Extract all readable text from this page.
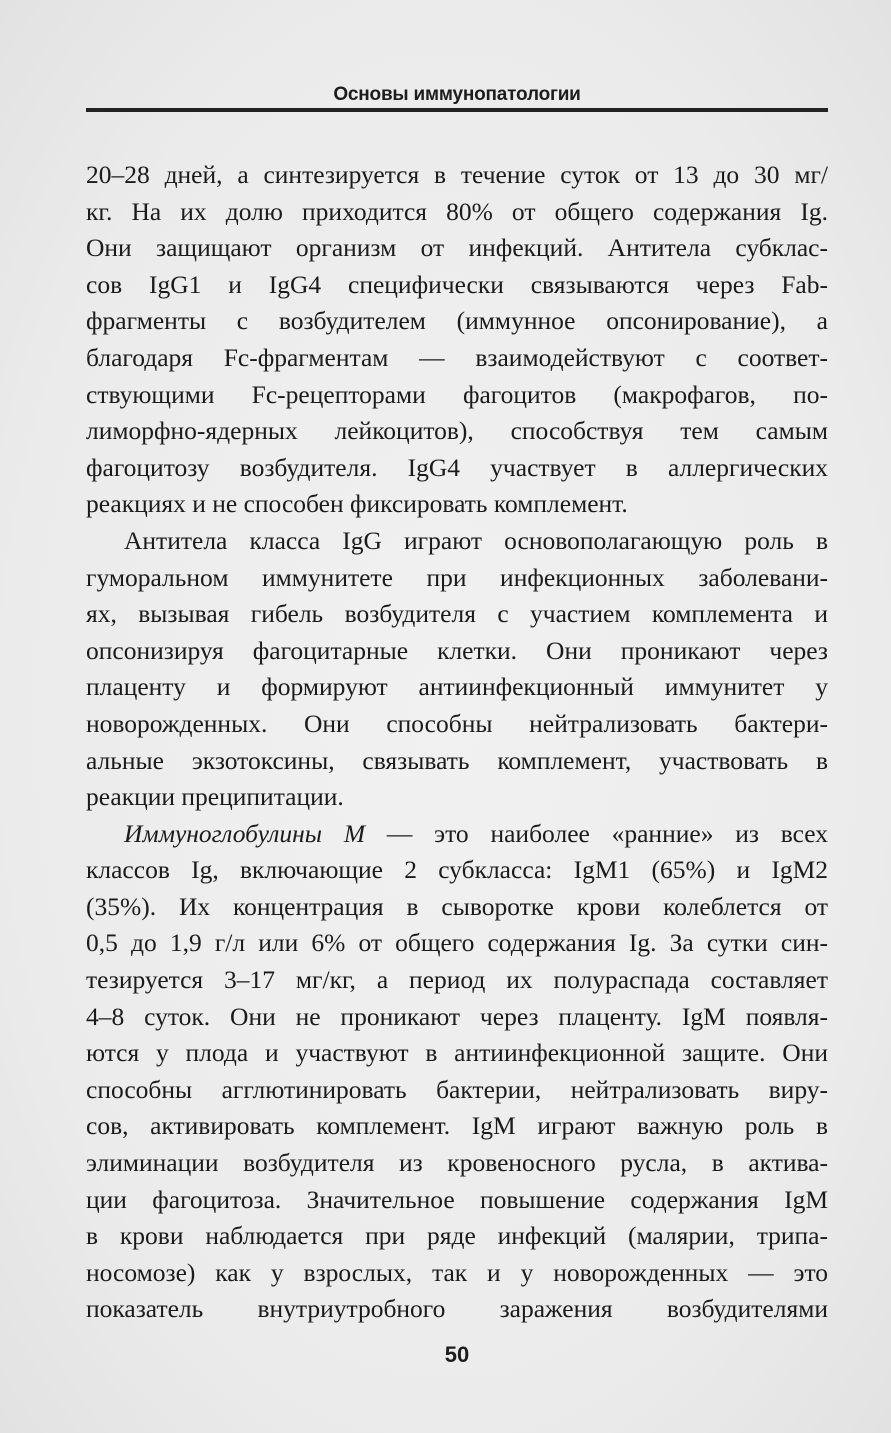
Основы иммунопатологии
20–28 дней, а синтезируется в течение суток от 13 до 30 мг/
кг. На их долю приходится 80% от общего содержания Ig.
Они защищают организм от инфекций. Антитела субклас-
сов IgG1 и IgG4 специфически связываются через Fab-
фрагменты с возбудителем (иммунное опсонирование), а
благодаря Fc-фрагментам — взаимодействуют с соответ-
ствующими Fc-рецепторами фагоцитов (макрофагов, по-
лиморфно-ядерных лейкоцитов), способствуя тем самым
фагоцитозу возбудителя. IgG4 участвует в аллергических
реакциях и не способен фиксировать комплемент.
Антитела класса IgG играют основополагающую роль в
гуморальном иммунитете при инфекционных заболевани-
ях, вызывая гибель возбудителя с участием комплемента и
опсонизируя фагоцитарные клетки. Они проникают через
плаценту и формируют антиинфекционный иммунитет у
новорожденных. Они способны нейтрализовать бактери-
альные экзотоксины, связывать комплемент, участвовать в
реакции преципитации.
Иммуноглобулины М — это наиболее «ранние» из всех
классов Ig, включающие 2 субкласса: IgM1 (65%) и IgM2
(35%). Их концентрация в сыворотке крови колеблется от
0,5 до 1,9 г/л или 6% от общего содержания Ig. За сутки син-
тезируется 3–17 мг/кг, а период их полураспада составляет
4–8 суток. Они не проникают через плаценту. IgM появля-
ются у плода и участвуют в антиинфекционной защите. Они
способны агглютинировать бактерии, нейтрализовать виру-
сов, активировать комплемент. IgM играют важную роль в
элиминации возбудителя из кровеносного русла, в актива-
ции фагоцитоза. Значительное повышение содержания IgM
в крови наблюдается при ряде инфекций (малярии, трипа-
носомозе) как у взрослых, так и у новорожденных — это
показатель внутриутробного заражения возбудителями
50
